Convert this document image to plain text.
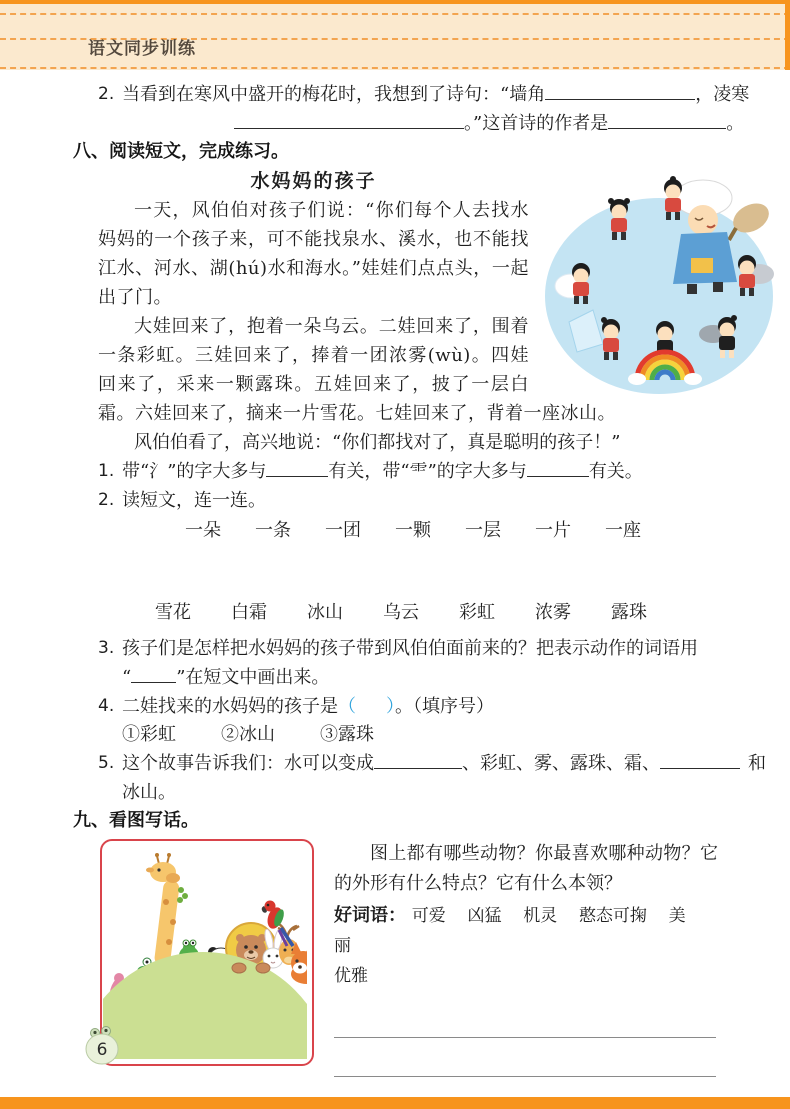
语文同步训练
2. 当看到在寒风中盛开的梅花时，我想到了诗句：“墙角	，凌寒
。”这首诗的作者是	。
八、阅读短文，完成练习。
水妈妈的孩子

一天，风伯伯对孩子们说：“你们每个人去找水妈妈的一个孩子来，可不能找泉水、溪水，也不能找江水、河水、湖(hú)水和海水。”娃娃们点点头，一起出了门。

大娃回来了，抱着一朵乌云。二娃回来了，围着一条彩虹。三娃回来了，捧着一团浓雾(wù)。四娃回来了，采来一颗露珠。五娃回来了，披了一层白霜。六娃回来了，摘来一片雪花。七娃回来了，背着一座冰山。

风伯伯看了，高兴地说：“你们都找对了，真是聪明的孩子！”

1. 带“氵”的字大多与	有关，带“⻗”的字大多与	有关。
2. 读短文，连一连。
一朵 一条 一团 一颗 一层 一片 一座
雪花 白霜 冰山 乌云 彩虹 浓雾 露珠
3. 孩子们是怎样把水妈妈的孩子带到风伯伯面前来的？把表示动作的词语用
“	”在短文中画出来。
4. 二娃找来的水妈妈的孩子是（ ）。（填序号）
①彩虹	②冰山	③露珠
5. 这个故事告诉我们：水可以变成	、彩虹、雾、露珠、霜、	和
冰山。
九、看图写话。

图上都有哪些动物？你最喜欢哪种动物？它的外形有什么特点？它有什么本领？

好词语： 可爱 凶猛 机灵 憨态可掬 美丽
优雅
6
